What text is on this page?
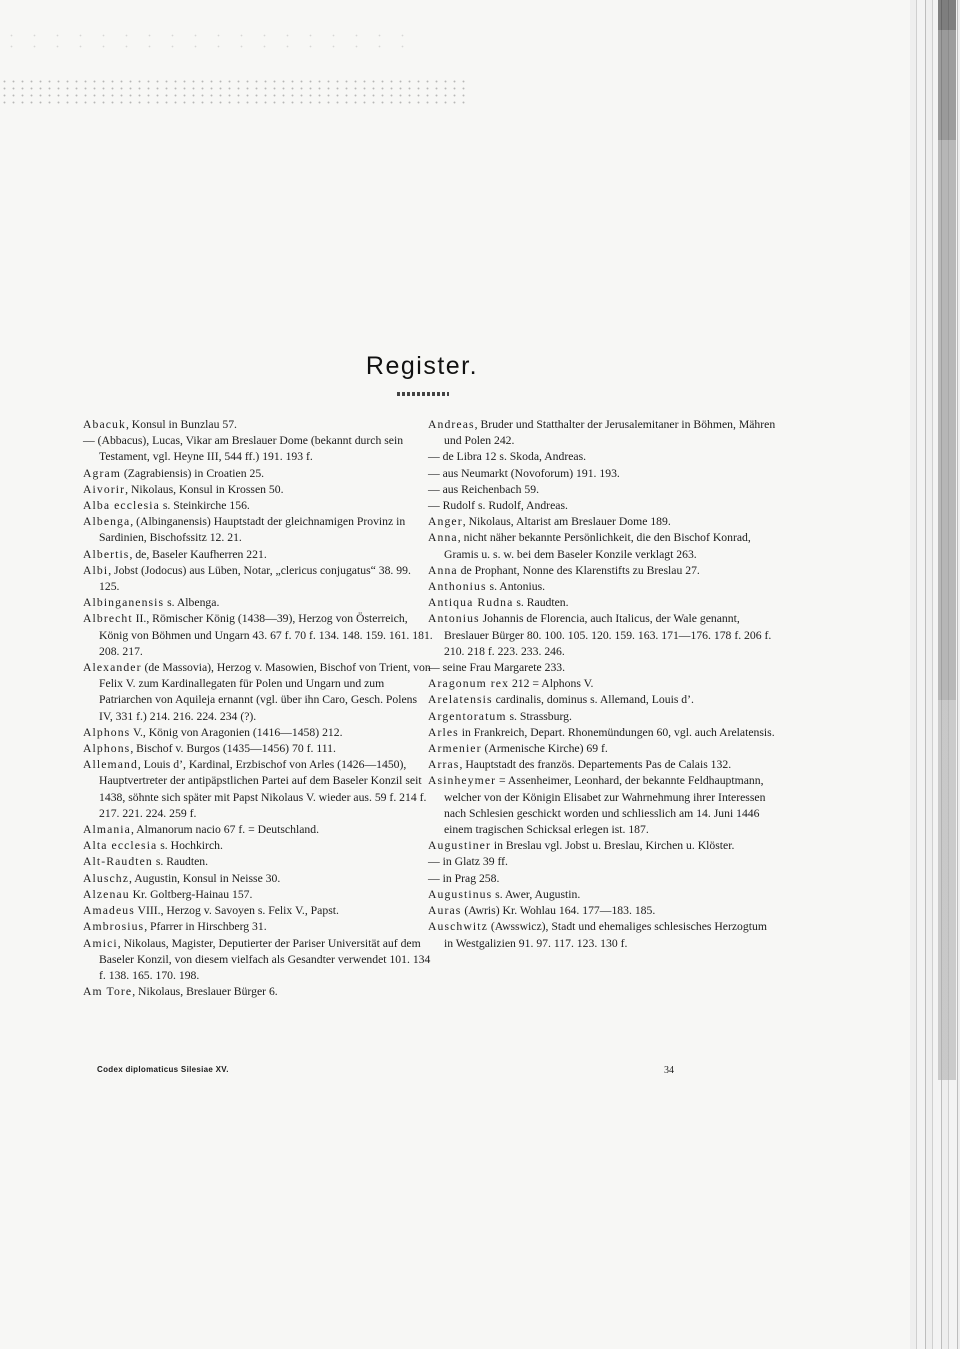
Register.
Abacuk, Konsul in Bunzlau 57.
— (Abbacus), Lucas, Vikar am Breslauer Dome (bekannt durch sein Testament, vgl. Heyne III, 544 ff.) 191. 193 f.
Agram (Zagrabiensis) in Croatien 25.
Aivorir, Nikolaus, Konsul in Krossen 50.
Alba ecclesia s. Steinkirche 156.
Albenga, (Albinganensis) Hauptstadt der gleichnamigen Provinz in Sardinien, Bischofssitz 12. 21.
Albertis, de, Baseler Kaufherren 221.
Albi, Jobst (Jodocus) aus Lüben, Notar, „clericus conjugatus“ 38. 99. 125.
Albinganensis s. Albenga.
Albrecht II., Römischer König (1438—39), Herzog von Österreich, König von Böhmen und Ungarn 43. 67 f. 70 f. 134. 148. 159. 161. 181. 208. 217.
Alexander (de Massovia), Herzog v. Masowien, Bischof von Trient, von Felix V. zum Kardinallegaten für Polen und Ungarn und zum Patriarchen von Aquileja ernannt (vgl. über ihn Caro, Gesch. Polens IV, 331 f.) 214. 216. 224. 234 (?).
Alphons V., König von Aragonien (1416—1458) 212.
Alphons, Bischof v. Burgos (1435—1456) 70 f. 111.
Allemand, Louis d’, Kardinal, Erzbischof von Arles (1426—1450), Hauptvertreter der antipäpstlichen Partei auf dem Baseler Konzil seit 1438, söhnte sich später mit Papst Nikolaus V. wieder aus. 59 f. 214 f. 217. 221. 224. 259 f.
Almania, Almanorum nacio 67 f. = Deutschland.
Alta ecclesia s. Hochkirch.
Alt-Raudten s. Raudten.
Aluschz, Augustin, Konsul in Neisse 30.
Alzenau Kr. Goltberg-Hainau 157.
Amadeus VIII., Herzog v. Savoyen s. Felix V., Papst.
Ambrosius, Pfarrer in Hirschberg 31.
Amici, Nikolaus, Magister, Deputierter der Pariser Universität auf dem Baseler Konzil, von diesem vielfach als Gesandter verwendet 101. 134 f. 138. 165. 170. 198.
Am Tore, Nikolaus, Breslauer Bürger 6.
Andreas, Bruder und Statthalter der Jerusalemitaner in Böhmen, Mähren und Polen 242.
— de Libra 12 s. Skoda, Andreas.
— aus Neumarkt (Novoforum) 191. 193.
— aus Reichenbach 59.
— Rudolf s. Rudolf, Andreas.
Anger, Nikolaus, Altarist am Breslauer Dome 189.
Anna, nicht näher bekannte Persönlichkeit, die den Bischof Konrad, Gramis u. s. w. bei dem Baseler Konzile verklagt 263.
Anna de Prophant, Nonne des Klarenstifts zu Breslau 27.
Anthonius s. Antonius.
Antiqua Rudna s. Raudten.
Antonius Johannis de Florencia, auch Italicus, der Wale genannt, Breslauer Bürger 80. 100. 105. 120. 159. 163. 171—176. 178 f. 206 f. 210. 218 f. 223. 233. 246.
— seine Frau Margarete 233.
Aragonum rex 212 = Alphons V.
Arelatensis cardinalis, dominus s. Allemand, Louis d’.
Argentoratum s. Strassburg.
Arles in Frankreich, Depart. Rhonemündungen 60, vgl. auch Arelatensis.
Armenier (Armenische Kirche) 69 f.
Arras, Hauptstadt des französ. Departements Pas de Calais 132.
Asinheymer = Assenheimer, Leonhard, der bekannte Feldhauptmann, welcher von der Königin Elisabet zur Wahrnehmung ihrer Interessen nach Schlesien geschickt worden und schliesslich am 14. Juni 1446 einem tragischen Schicksal erlegen ist. 187.
Augustiner in Breslau vgl. Jobst u. Breslau, Kirchen u. Klöster.
— in Glatz 39 ff.
— in Prag 258.
Augustinus s. Awer, Augustin.
Auras (Awris) Kr. Wohlau 164. 177—183. 185.
Auschwitz (Awsswicz), Stadt und ehemaliges schlesisches Herzogtum in Westgalizien 91. 97. 117. 123. 130 f.
Codex diplomaticus Silesiae XV.	34
